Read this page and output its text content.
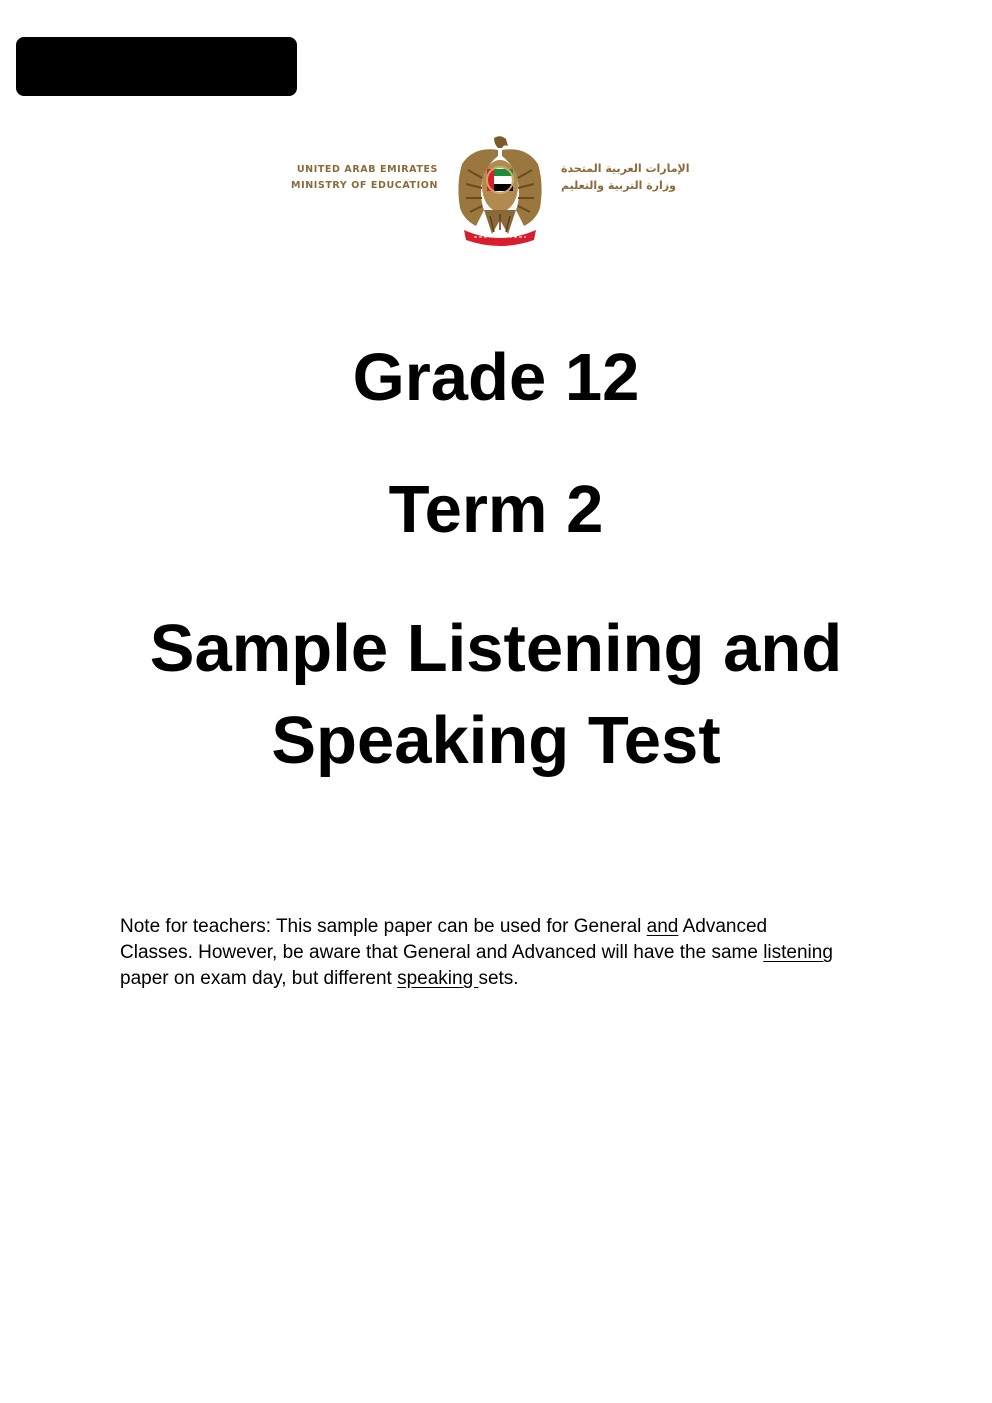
UNITED ARAB EMIRATES
MINISTRY OF EDUCATION
الإمارات العربية المتحدة
وزارة التربية والتعليم
Grade 12
Term 2
Sample Listening and
Speaking Test

Note for teachers: This sample paper can be used for General and Advanced Classes. However, be aware that General and Advanced will have the same listening paper on exam day, but different speaking sets.
